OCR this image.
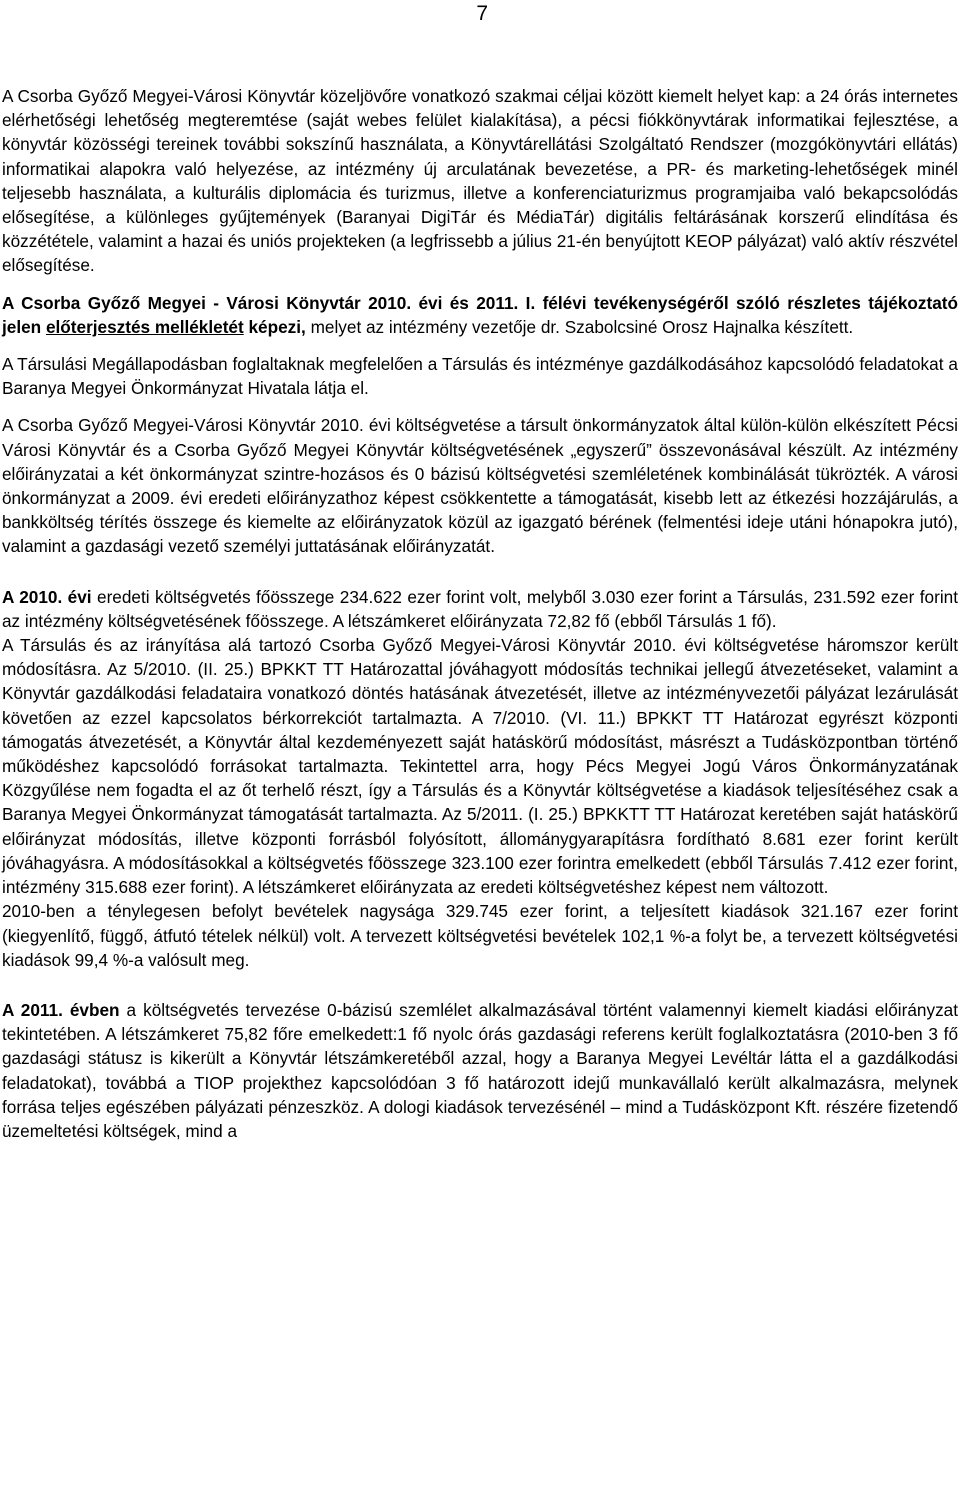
7

A Csorba Győző Megyei-Városi Könyvtár közeljövőre vonatkozó szakmai céljai között kiemelt helyet kap: a 24 órás internetes elérhetőségi lehetőség megteremtése (saját webes felület kialakítása), a pécsi fiókkönyvtárak informatikai fejlesztése, a könyvtár közösségi tereinek további sokszínű használata, a Könyvtárellátási Szolgáltató Rendszer (mozgókönyvtári ellátás) informatikai alapokra való helyezése, az intézmény új arculatának bevezetése, a PR- és marketing-lehetőségek minél teljesebb használata, a kulturális diplomácia és turizmus, illetve a konferenciaturizmus programjaiba való bekapcsolódás elősegítése, a különleges gyűjtemények (Baranyai DigiTár és MédiaTár) digitális feltárásának korszerű elindítása és közzététele, valamint a hazai és uniós projekteken (a legfrissebb a július 21-én benyújtott KEOP pályázat) való aktív részvétel elősegítése.

A Csorba Győző Megyei - Városi Könyvtár 2010. évi és 2011. I. félévi tevékenységéről szóló részletes tájékoztató jelen előterjesztés mellékletét képezi, melyet az intézmény vezetője dr. Szabolcsiné Orosz Hajnalka készített.

A Társulási Megállapodásban foglaltaknak megfelelően a Társulás és intézménye gazdálkodásához kapcsolódó feladatokat a Baranya Megyei Önkormányzat Hivatala látja el.

A Csorba Győző Megyei-Városi Könyvtár 2010. évi költségvetése a társult önkormányzatok által külön-külön elkészített Pécsi Városi Könyvtár és a Csorba Győző Megyei Könyvtár költségvetésének „egyszerű” összevonásával készült. Az intézmény előirányzatai a két önkormányzat szintre-hozásos és 0 bázisú költségvetési szemléletének kombinálását tükrözték. A városi önkormányzat a 2009. évi eredeti előirányzathoz képest csökkentette a támogatását, kisebb lett az étkezési hozzájárulás, a bankköltség térítés összege és kiemelte az előirányzatok közül az igazgató bérének (felmentési ideje utáni hónapokra jutó), valamint a gazdasági vezető személyi juttatásának előirányzatát.

A 2010. évi eredeti költségvetés főösszege 234.622 ezer forint volt, melyből 3.030 ezer forint a Társulás, 231.592 ezer forint az intézmény költségvetésének főösszege. A létszámkeret előirányzata 72,82 fő (ebből Társulás 1 fő).

A Társulás és az irányítása alá tartozó Csorba Győző Megyei-Városi Könyvtár 2010. évi költségvetése háromszor került módosításra. Az 5/2010. (II. 25.) BPKKT TT Határozattal jóváhagyott módosítás technikai jellegű átvezetéseket, valamint a Könyvtár gazdálkodási feladataira vonatkozó döntés hatásának átvezetését, illetve az intézményvezetői pályázat lezárulását követően az ezzel kapcsolatos bérkorrekciót tartalmazta. A 7/2010. (VI. 11.) BPKKT TT Határozat egyrészt központi támogatás átvezetését, a Könyvtár által kezdeményezett saját hatáskörű módosítást, másrészt a Tudásközpontban történő működéshez kapcsolódó forrásokat tartalmazta. Tekintettel arra, hogy Pécs Megyei Jogú Város Önkormányzatának Közgyűlése nem fogadta el az őt terhelő részt, így a Társulás és a Könyvtár költségvetése a kiadások teljesítéséhez csak a Baranya Megyei Önkormányzat támogatását tartalmazta. Az 5/2011. (I. 25.) BPKKTT TT Határozat keretében saját hatáskörű előirányzat módosítás, illetve központi forrásból folyósított, állománygyarapításra fordítható 8.681 ezer forint került jóváhagyásra. A módosításokkal a költségvetés főösszege 323.100 ezer forintra emelkedett (ebből Társulás 7.412 ezer forint, intézmény 315.688 ezer forint). A létszámkeret előirányzata az eredeti költségvetéshez képest nem változott.

2010-ben a ténylegesen befolyt bevételek nagysága 329.745 ezer forint, a teljesített kiadások 321.167 ezer forint (kiegyenlítő, függő, átfutó tételek nélkül) volt. A tervezett költségvetési bevételek 102,1 %-a folyt be, a tervezett költségvetési kiadások 99,4 %-a valósult meg.

A 2011. évben a költségvetés tervezése 0-bázisú szemlélet alkalmazásával történt valamennyi kiemelt kiadási előirányzat tekintetében. A létszámkeret 75,82 főre emelkedett:1 fő nyolc órás gazdasági referens került foglalkoztatásra (2010-ben 3 fő gazdasági státusz is kikerült a Könyvtár létszámkeretéből azzal, hogy a Baranya Megyei Levéltár látta el a gazdálkodási feladatokat), továbbá a TIOP projekthez kapcsolódóan 3 fő határozott idejű munkavállaló került alkalmazásra, melynek forrása teljes egészében pályázati pénzeszköz. A dologi kiadások tervezésénél – mind a Tudásközpont Kft. részére fizetendő üzemeltetési költségek, mind a
